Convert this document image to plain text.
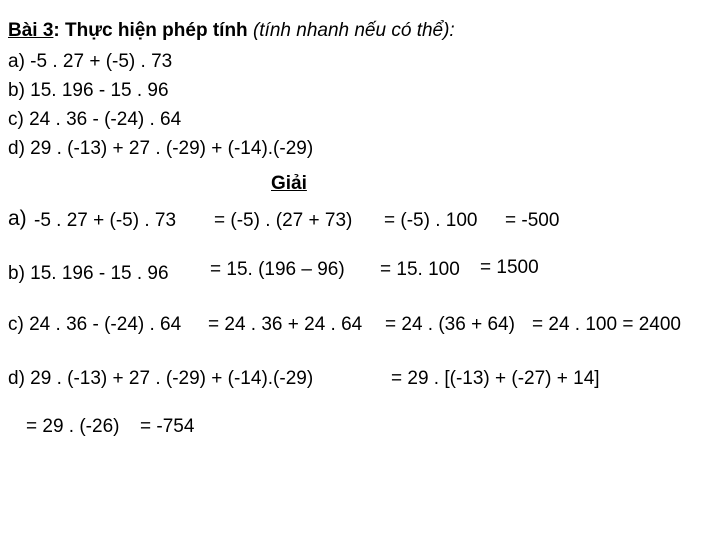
Bài 3: Thực hiện phép tính (tính nhanh nếu có thể):
a) -5 . 27 + (-5) . 73
b) 15. 196 - 15 . 96
c) 24 . 36 - (-24) . 64
d) 29 . (-13) + 27 . (-29) + (-14).(-29)
Giải
a) -5 . 27 + (-5) . 73 = (-5) . (27 + 73) = (-5) . 100 = -500
b) 15. 196 - 15 . 96 = 15. (196 – 96) = 15. 100 = 1500
c) 24 . 36 - (-24) . 64 = 24 . 36 + 24 . 64 = 24 . (36 + 64) = 24 . 100 = 2400
d) 29 . (-13) + 27 . (-29) + (-14).(-29)	= 29 . [(-13) + (-27) + 14]
= 29 . (-26) = -754
